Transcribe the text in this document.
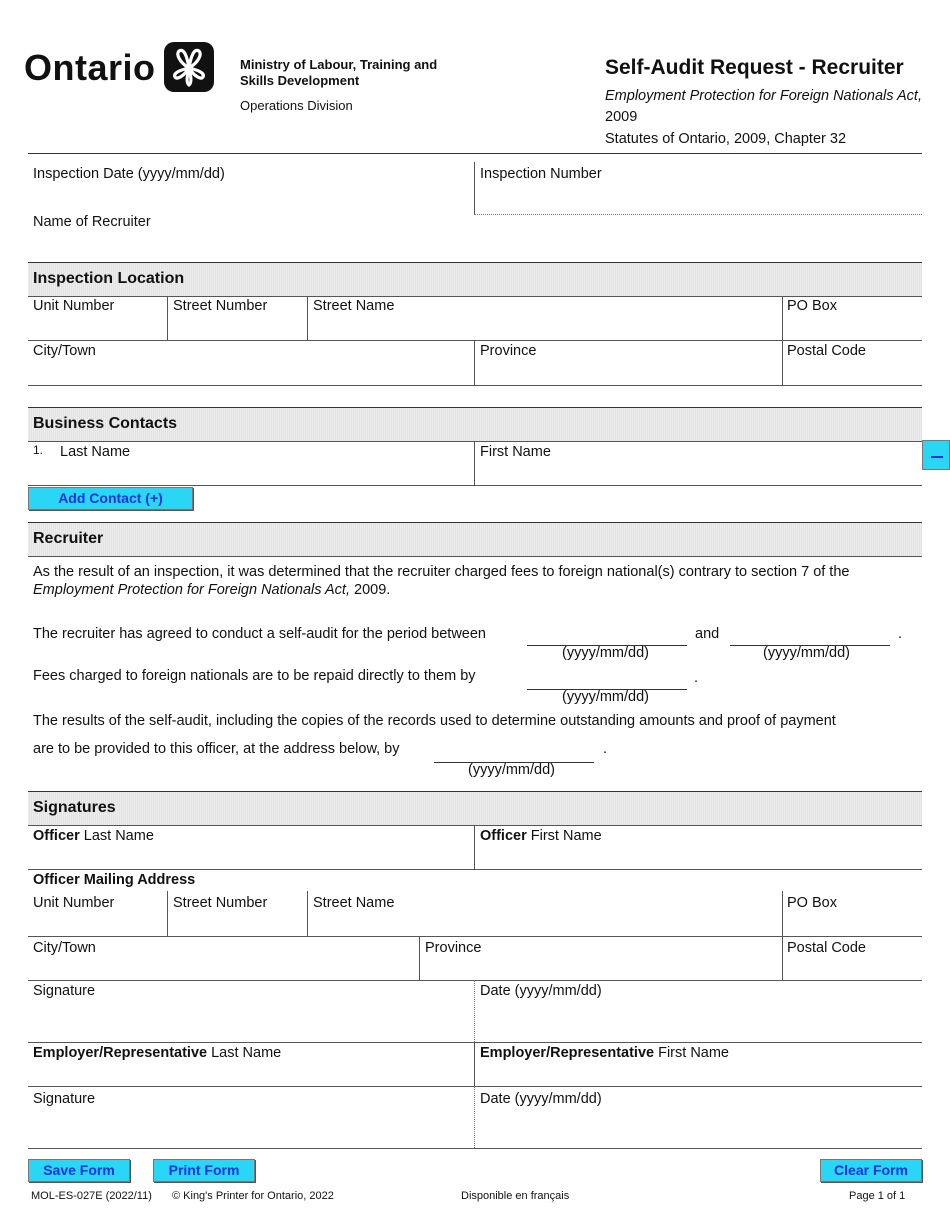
Ontario	Ministry of Labour, Training and Skills Development
Operations Division
Self-Audit Request - Recruiter
Employment Protection for Foreign Nationals Act, 2009
Statutes of Ontario, 2009, Chapter 32
Inspection Date (yyyy/mm/dd)	Inspection Number
Name of Recruiter
Inspection Location
Unit Number	Street Number	Street Name	PO Box
City/Town	Province	Postal Code
Business Contacts
1. Last Name	First Name
Add Contact (+)
Recruiter
As the result of an inspection, it was determined that the recruiter charged fees to foreign national(s) contrary to section 7 of the
Employment Protection for Foreign Nationals Act, 2009.
The recruiter has agreed to conduct a self-audit for the period between
(yyyy/mm/dd)
and
(yyyy/mm/dd)
.
Fees charged to foreign nationals are to be repaid directly to them by
(yyyy/mm/dd)
.
The results of the self-audit, including the copies of the records used to determine outstanding amounts and proof of payment
are to be provided to this officer, at the address below, by
(yyyy/mm/dd)
.
Signatures
Officer Last Name	Officer First Name
Officer Mailing Address
Unit Number	Street Number	Street Name	PO Box
City/Town	Province	Postal Code
Signature	Date (yyyy/mm/dd)
Employer/Representative Last Name	Employer/Representative First Name
Signature	Date (yyyy/mm/dd)
Save Form	Print Form	Clear Form
MOL-ES-027E (2022/11) © King's Printer for Ontario, 2022	Disponible en français	Page 1 of 1
